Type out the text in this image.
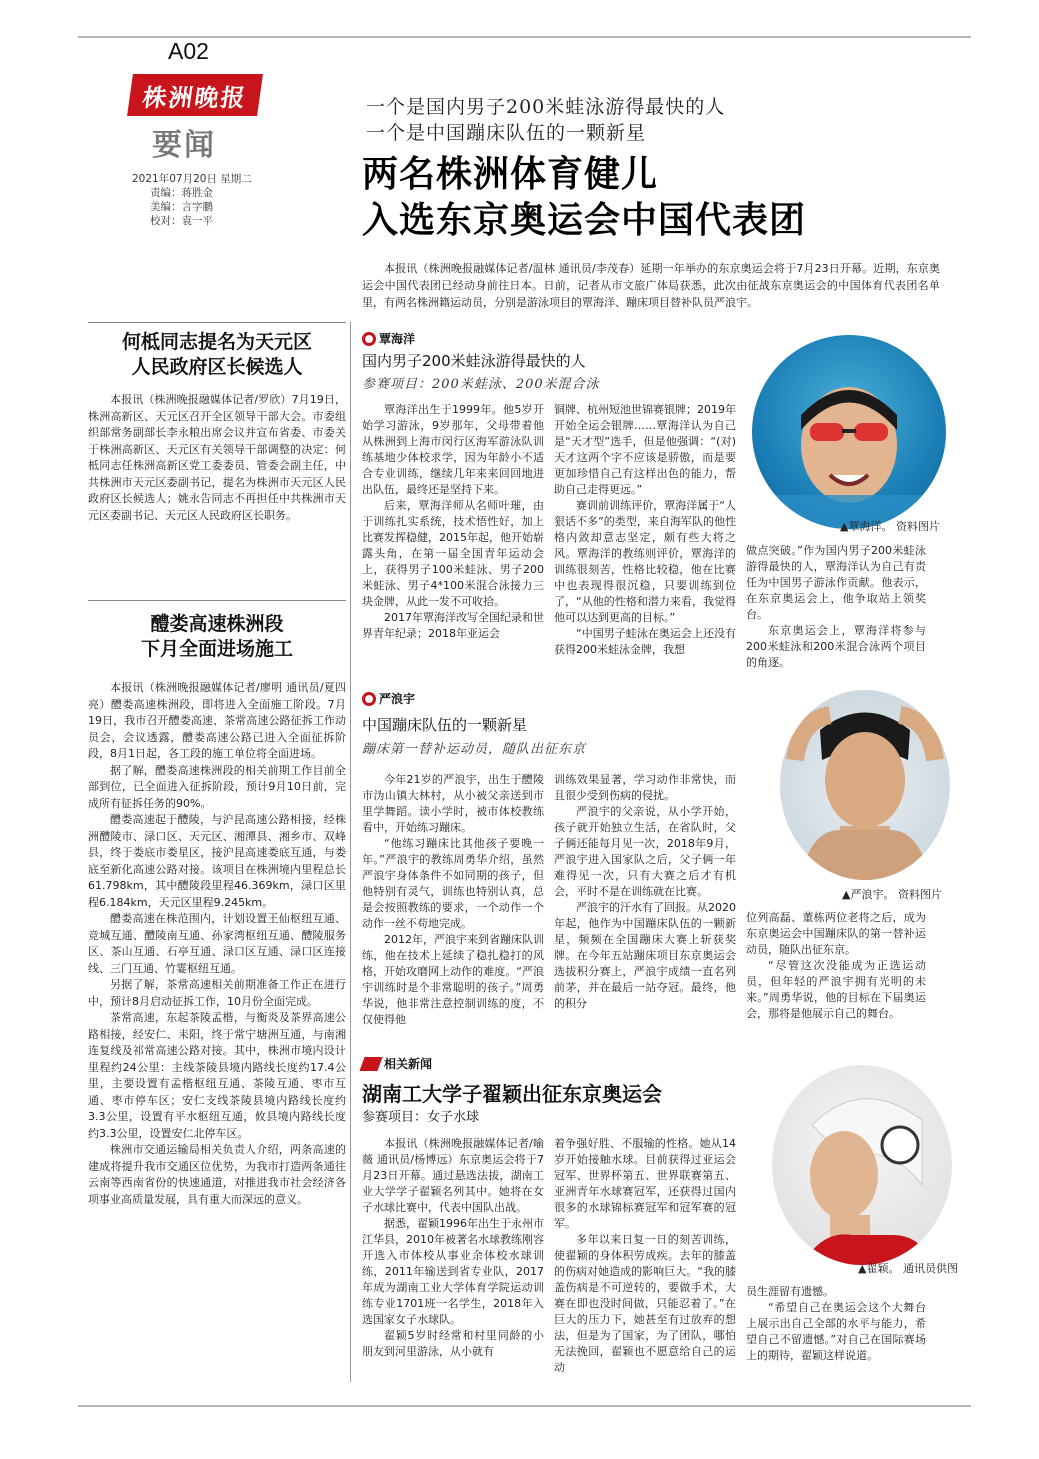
A02
株洲晚报
要闻
2021年07月20日 星期二
责编：蒋胜金
美编：言字鹏
校对：袁一平
一个是国内男子200米蛙泳游得最快的人
一个是中国蹦床队伍的一颗新星
两名株洲体育健儿
入选东京奥运会中国代表团
本报讯（株洲晚报融媒体记者/温林 通讯员/李茂春）延期一年举办的东京奥运会将于7月23日开幕。近期，东京奥运会中国代表团已经动身前往日本。日前，记者从市文旅广体局获悉，此次由征战东京奥运会的中国体育代表团名单里，有两名株洲籍运动员，分别是游泳项目的覃海洋、蹦床项目替补队员严浪宇。
何柢同志提名为天元区
人民政府区长候选人

本报讯（株洲晚报融媒体记者/罗欣）7月19日，株洲高新区、天元区召开全区领导干部大会。市委组织部常务副部长李永粮出席会议并宣布省委、市委关于株洲高新区、天元区有关领导干部调整的决定：何柢同志任株洲高新区党工委委员、管委会副主任，中共株洲市天元区委副书记，提名为株洲市天元区人民政府区长候选人；姚永告同志不再担任中共株洲市天元区委副书记、天元区人民政府区长职务。

醴娄高速株洲段
下月全面进场施工

本报讯（株洲晚报融媒体记者/廖明 通讯员/夏四亮）醴娄高速株洲段，即将进入全面施工阶段。7月19日，我市召开醴娄高速、茶常高速公路征拆工作动员会，会议透露，醴娄高速公路已进入全面征拆阶段，8月1日起，各工段的施工单位将全面进场。

据了解，醴娄高速株洲段的相关前期工作目前全部到位，已全面进入征拆阶段，预计9月10日前，完成所有征拆任务的90%。

醴娄高速起于醴陵，与沪昆高速公路相接，经株洲醴陵市、渌口区、天元区、湘潭县、湘乡市、双峰县，终于娄底市娄星区，接沪昆高速娄底互通，与娄底至新化高速公路对接。该项目在株洲境内里程总长61.798km，其中醴陵段里程46.369km，渌口区里程6.184km，天元区里程9.245km。

醴娄高速在株范围内，计划设置王仙枢纽互通、竞城互通、醴陵南互通、孙家湾枢纽互通、醴陵服务区、茶山互通、石亭互通、渌口区互通、渌口区连接线、三门互通、竹霎枢纽互通。

另据了解，茶常高速相关前期准备工作正在进行中，预计8月启动征拆工作，10月份全面完成。

茶常高速，东起茶陵孟楷，与衡炎及茶界高速公路相接，经安仁、耒阳，终于常宁塘洲互通，与南湘连复线及祁常高速公路对接。其中，株洲市境内设计里程约24公里：主线茶陵县境内路线长度约17.4公里，主要设置有孟楷枢纽互通、茶陵互通、枣市互通、枣市停车区；安仁支线茶陵县境内路线长度约3.3公里，设置有平水枢纽互通，攸县境内路线长度约3.3公里，设置安仁北停车区。

株洲市交通运输局相关负责人介绍，两条高速的建成将提升我市交通区位优势，为我市打造两条通往云南等西南省份的快速通道，对推进我市社会经济各项事业高质量发展，具有重大而深远的意义。

覃海洋
国内男子200米蛙泳游得最快的人
参赛项目：200米蛙泳、200米混合泳

覃海洋出生于1999年。他5岁开始学习游泳，9岁那年，父母带着他从株洲到上海市闵行区海军游泳队训练基地少体校求学，因为年龄小不适合专业训练，继续几年来来回回地进出队伍，最终还是坚持下来。

后来，覃海洋师从名师叶璀，由于训练扎实系统，技术悟性好，加上比赛发挥稳健，2015年起，他开始崭露头角，在第一届全国青年运动会上，获得男子100米蛙泳、男子200米蛙泳、男子4*100米混合泳接力三块金牌，从此一发不可收拾。

2017年覃海洋改写全国纪录和世界青年纪录；2018年亚运会

铜牌、杭州短池世锦赛银牌；2019年开始全运会银牌……覃海洋认为自己是“天才型”选手，但是他强调：“(对)天才这两个字不应该是骄傲，而是要更加珍惜自己有这样出色的能力，帮助自己走得更远。”

赛训前训练评价，覃海洋属于“人狠话不多”的类型，来自海军队的他性格内敛却意志坚定，颇有些大将之风。覃海洋的教练则评价，覃海洋的训练很刻苦，性格比较稳，他在比赛中也表现得很沉稳，只要训练到位了，“从他的性格和潜力来看，我觉得他可以达到更高的目标。”

“中国男子蛙泳在奥运会上还没有获得200米蛙泳金牌，我想

▲覃海洋。 资料图片

做点突破。”作为国内男子200米蛙泳游得最快的人，覃海洋认为自己有责任为中国男子游泳作贡献。他表示，在东京奥运会上，他争取站上领奖台。

东京奥运会上，覃海洋将参与200米蛙泳和200米混合泳两个项目的角逐。

严浪宇
中国蹦床队伍的一颗新星
蹦床第一替补运动员，随队出征东京

今年21岁的严浪宇，出生于醴陵市沩山镇大林村，从小被父亲送到市里学舞蹈。读小学时，被市体校教练看中，开始练习蹦床。

“他练习蹦床比其他孩子要晚一年。”严浪宇的教练周勇华介绍，虽然严浪宇身体条件不如同期的孩子，但他特别有灵气，训练也特别认真，总是会按照教练的要求，一个动作一个动作一丝不苟地完成。

2012年，严浪宇来到省蹦床队训练，他在技术上延续了稳扎稳打的风格，开始攻磨网上动作的难度。“严浪宇训练时是个非常聪明的孩子。”周勇华说，他非常注意控制训练的度，不仅使得他

训练效果显著，学习动作非常快，而且很少受到伤病的侵扰。

严浪宇的父亲说，从小学开始，孩子就开始独立生活，在省队时，父子俩还能每月见一次，2018年9月，严浪宇进入国家队之后，父子俩一年难得见一次，只有大赛之后才有机会，平时不是在训练就在比赛。

严浪宇的汗水有了回报。从2020年起，他作为中国蹦床队伍的一颗新星，频频在全国蹦床大赛上斩获奖牌。在今年五站蹦床项目东京奥运会选拔积分赛上，严浪宇成绩一直名列前茅，并在最后一站夺冠。最终，他的积分

▲严浪宇。 资料图片

位列高磊、董栋两位老将之后，成为东京奥运会中国蹦床队的第一替补运动员，随队出征东京。

“尽管这次没能成为正选运动员，但年轻的严浪宇拥有光明的未来。”周勇华说，他的目标在下届奥运会，那将是他展示自己的舞台。

相关新闻
湖南工大学子翟颖出征东京奥运会
参赛项目：女子水球

本报讯（株洲晚报融媒体记者/喻薇 通讯员/杨博远）东京奥运会将于7月23日开幕。通过悬选法拔，湖南工业大学学子翟颖名列其中。她将在女子水球比赛中，代表中国队出战。

据悉，翟颖1996年出生于永州市江华县，2010年被著名水球教练刚容开选入市体校从事业余体校水球训练，2011年输送到省专业队，2017年成为湖南工业大学体育学院运动训练专业1701班一名学生，2018年入选国家女子水球队。

翟颖5岁时经常和村里同龄的小朋友到河里游泳，从小就有

着争强好胜、不服输的性格。她从14岁开始接触水球。目前获得过亚运会冠军、世界杯第五、世界联赛第五、亚洲青年水球赛冠军，还获得过国内很多的水球锦标赛冠军和冠军赛的冠军。

多年以来日复一日的刻苦训练，使翟颖的身体积劳成疾。去年的膝盖的伤病对她造成的影响巨大。“我的膝盖伤病是不可逆转的，要做手术，大赛在即也没时间做，只能忍着了。”在巨大的压力下，她甚至有过放弃的想法，但是为了国家，为了团队，哪怕无法挽回，翟颖也不愿意给自己的运动

▲翟颖。 通讯员供图

员生涯留有遗憾。

“希望自己在奥运会这个大舞台上展示出自己全部的水平与能力，希望自己不留遗憾。”对自己在国际赛场上的期待，翟颖这样说道。
